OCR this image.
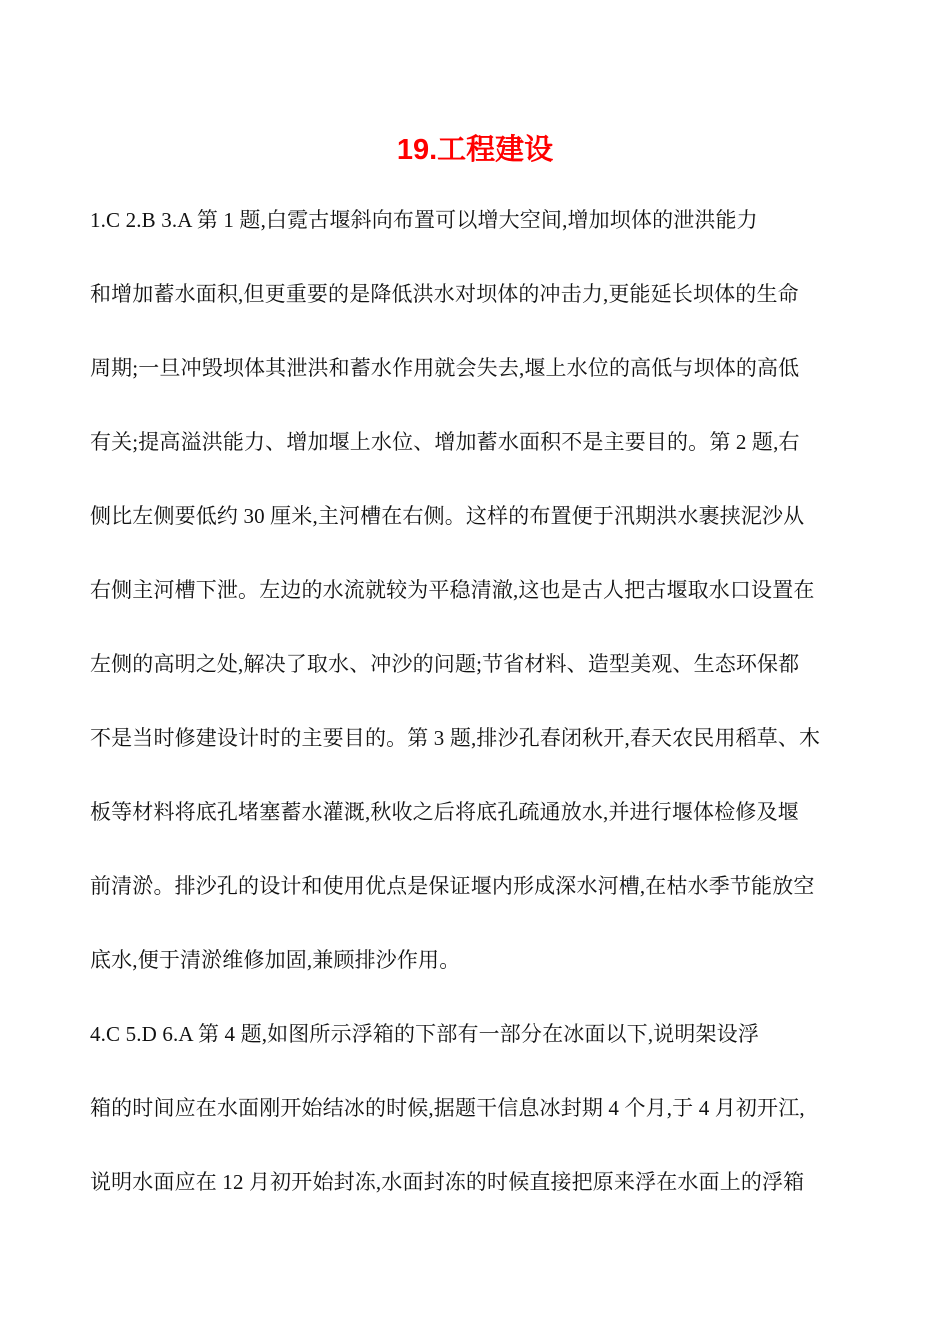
19.工程建设
1.C 2.B 3.A 第 1 题,白霓古堰斜向布置可以增大空间,增加坝体的泄洪能力
和增加蓄水面积,但更重要的是降低洪水对坝体的冲击力,更能延长坝体的生命
周期;一旦冲毁坝体其泄洪和蓄水作用就会失去,堰上水位的高低与坝体的高低
有关;提高溢洪能力、增加堰上水位、增加蓄水面积不是主要目的。第 2 题,右
侧比左侧要低约 30 厘米,主河槽在右侧。这样的布置便于汛期洪水裹挟泥沙从
右侧主河槽下泄。左边的水流就较为平稳清澈,这也是古人把古堰取水口设置在
左侧的高明之处,解决了取水、冲沙的问题;节省材料、造型美观、生态环保都
不是当时修建设计时的主要目的。第 3 题,排沙孔春闭秋开,春天农民用稻草、木
板等材料将底孔堵塞蓄水灌溉,秋收之后将底孔疏通放水,并进行堰体检修及堰
前清淤。排沙孔的设计和使用优点是保证堰内形成深水河槽,在枯水季节能放空
底水,便于清淤维修加固,兼顾排沙作用。
4.C 5.D 6.A 第 4 题,如图所示浮箱的下部有一部分在冰面以下,说明架设浮
箱的时间应在水面刚开始结冰的时候,据题干信息冰封期 4 个月,于 4 月初开江,
说明水面应在 12 月初开始封冻,水面封冻的时候直接把原来浮在水面上的浮箱
